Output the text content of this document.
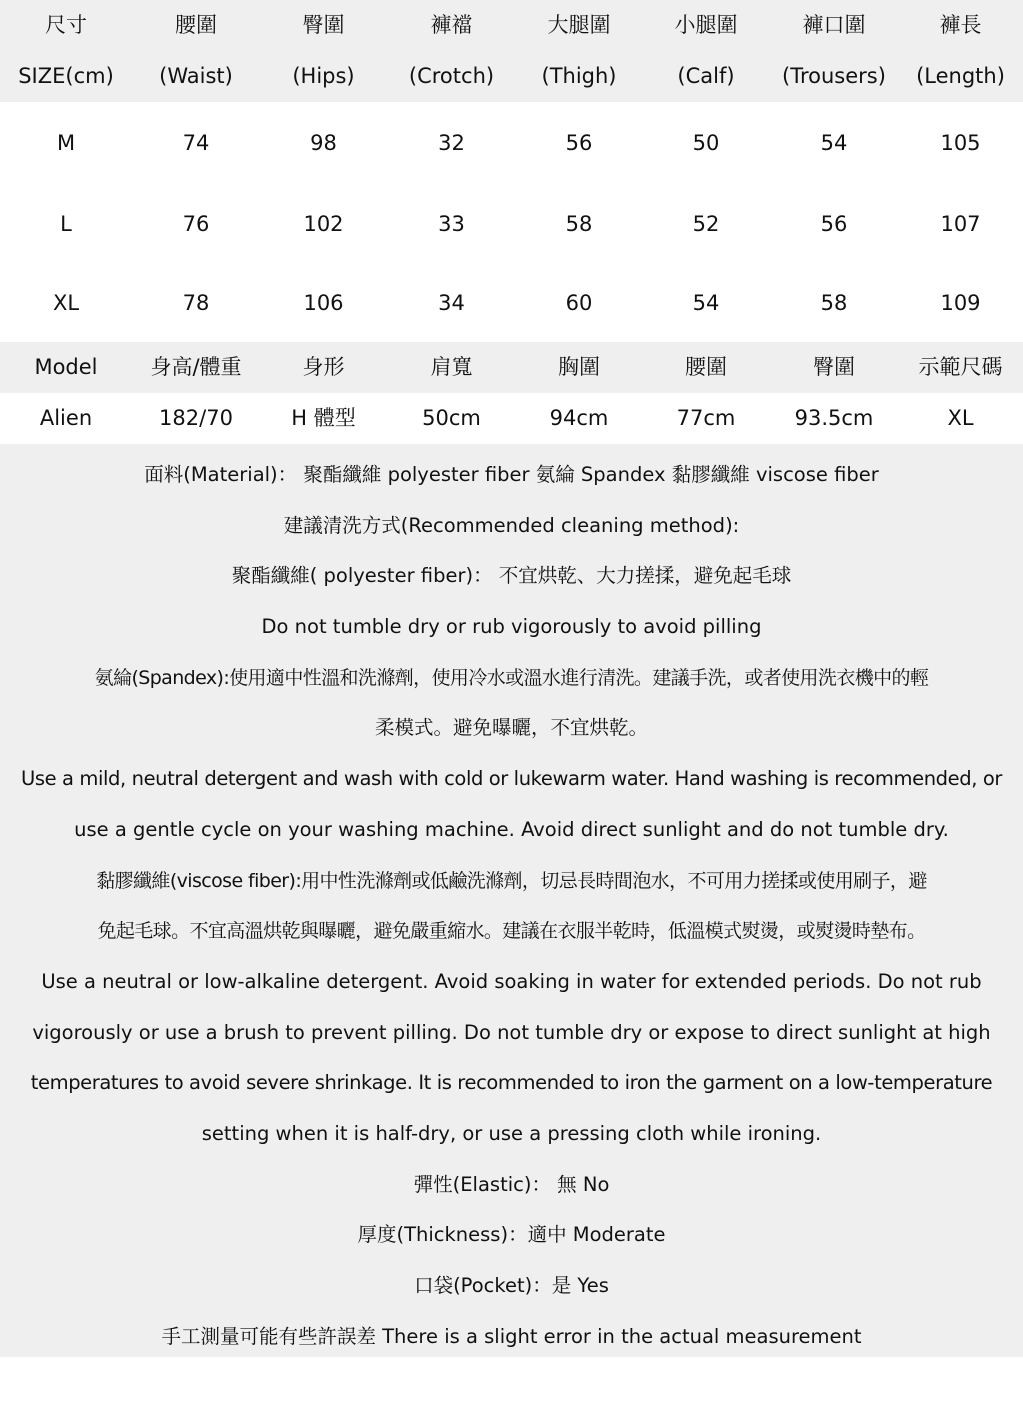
尺寸	腰圍	臀圍	褲襠	大腿圍	小腿圍	褲口圍	褲長
SIZE(cm)	(Waist)	(Hips)	(Crotch)	(Thigh)	(Calf)	(Trousers)	(Length)
M	74	98	32	56	50	54	105
L	76	102	33	58	52	56	107
XL	78	106	34	60	54	58	109
Model	身高/體重	身形	肩寬	胸圍	腰圍	臀圍	示範尺碼
Alien	182/70	H 體型	50cm	94cm	77cm	93.5cm	XL
面料(Material)： 聚酯纖維 polyester fiber 氨綸 Spandex 黏膠纖維 viscose fiber
建議清洗方式(Recommended cleaning method):
聚酯纖維( polyester fiber)： 不宜烘乾、大力搓揉，避免起毛球
Do not tumble dry or rub vigorously to avoid pilling
氨綸(Spandex):使用適中性溫和洗滌劑，使用冷水或溫水進行清洗。建議手洗，或者使用洗衣機中的輕
柔模式。避免曝曬，不宜烘乾。
Use a mild, neutral detergent and wash with cold or lukewarm water. Hand washing is recommended, or
use a gentle cycle on your washing machine. Avoid direct sunlight and do not tumble dry.
黏膠纖維(viscose fiber):用中性洗滌劑或低鹼洗滌劑，切忌長時間泡水，不可用力搓揉或使用刷子，避
免起毛球。不宜高溫烘乾與曝曬，避免嚴重縮水。建議在衣服半乾時，低溫模式熨燙，或熨燙時墊布。
Use a neutral or low-alkaline detergent. Avoid soaking in water for extended periods. Do not rub
vigorously or use a brush to prevent pilling. Do not tumble dry or expose to direct sunlight at high
temperatures to avoid severe shrinkage. It is recommended to iron the garment on a low-temperature
setting when it is half-dry, or use a pressing cloth while ironing.
彈性(Elastic)： 無 No
厚度(Thickness)：適中 Moderate
口袋(Pocket)：是 Yes
手工測量可能有些許誤差 There is a slight error in the actual measurement
